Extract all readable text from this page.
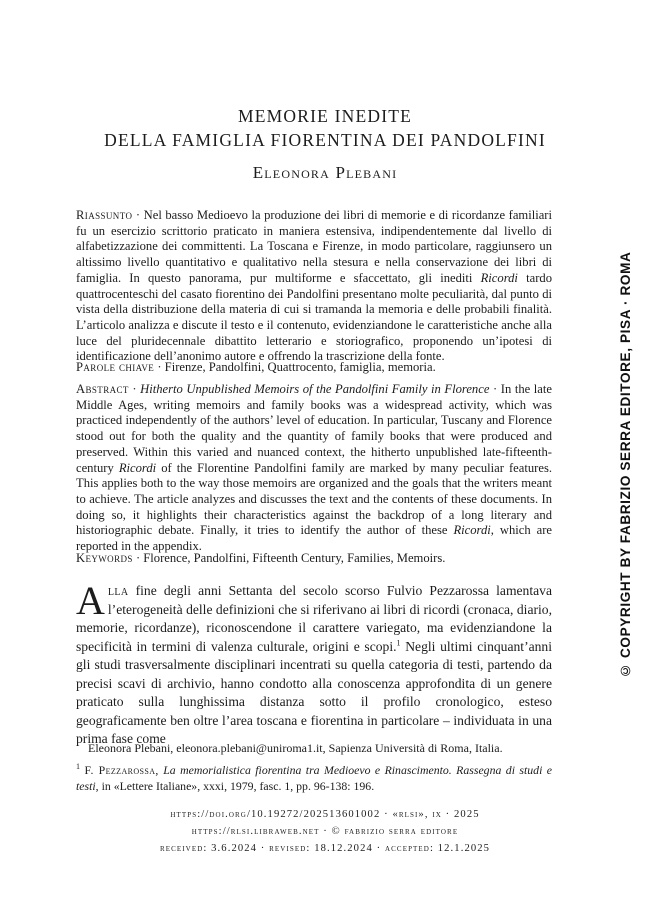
MEMORIE INEDITE
DELLA FAMIGLIA FIORENTINA DEI PANDOLFINI
Eleonora Plebani
Riassunto · Nel basso Medioevo la produzione dei libri di memorie e di ricordanze familiari fu un esercizio scrittorio praticato in maniera estensiva, indipendentemente dal livello di alfabetizzazione dei committenti. La Toscana e Firenze, in modo particolare, raggiunsero un altissimo livello quantitativo e qualitativo nella stesura e nella conservazione dei libri di famiglia. In questo panorama, pur multiforme e sfaccettato, gli inediti Ricordi tardo quattrocenteschi del casato fiorentino dei Pandolfini presentano molte peculiarità, dal punto di vista della distribuzione della materia di cui si tramanda la memoria e delle probabili finalità. L’articolo analizza e discute il testo e il contenuto, evidenziandone le caratteristiche anche alla luce del pluridecennale dibattito letterario e storiografico, proponendo un’ipotesi di identificazione dell’anonimo autore e offrendo la trascrizione della fonte.
Parole chiave · Firenze, Pandolfini, Quattrocento, famiglia, memoria.
Abstract · Hitherto Unpublished Memoirs of the Pandolfini Family in Florence · In the late Middle Ages, writing memoirs and family books was a widespread activity, which was practiced independently of the authors’ level of education. In particular, Tuscany and Florence stood out for both the quality and the quantity of family books that were produced and preserved. Within this varied and nuanced context, the hitherto unpublished late-fifteenth-century Ricordi of the Florentine Pandolfini family are marked by many peculiar features. This applies both to the way those memoirs are organized and the goals that the writers meant to achieve. The article analyzes and discusses the text and the contents of these documents. In doing so, it highlights their characteristics against the backdrop of a long literary and historiographic debate. Finally, it tries to identify the author of these Ricordi, which are reported in the appendix.
Keywords · Florence, Pandolfini, Fifteenth Century, Families, Memoirs.
Alla fine degli anni Settanta del secolo scorso Fulvio Pezzarossa lamentava l’eterogeneità delle definizioni che si riferivano ai libri di ricordi (cronaca, diario, memorie, ricordanze), riconoscendone il carattere variegato, ma evidenziandone la specificità in termini di valenza culturale, origini e scopi.$^1$ Negli ultimi cinquant’anni gli studi trasversalmente disciplinari incentrati su quella categoria di testi, partendo da precisi scavi di archivio, hanno condotto alla conoscenza approfondita di un genere praticato sulla lunghissima distanza sotto il profilo cronologico, esteso geograficamente ben oltre l’area toscana e fiorentina in particolare – individuata in una prima fase come
Eleonora Plebani, eleonora.plebani@uniroma1.it, Sapienza Università di Roma, Italia.
$^1$ F. Pezzarossa, La memorialistica fiorentina tra Medioevo e Rinascimento. Rassegna di studi e testi, in «Lettere Italiane», xxxi, 1979, fasc. 1, pp. 96-138: 196.
https://doi.org/10.19272/202513601002 · «rlsi», ix · 2025
https://rlsi.libraweb.net · © fabrizio serra editore
received: 3.6.2024 · revised: 18.12.2024 · accepted: 12.1.2025
© COPYRIGHT BY FABRIZIO SERRA EDITORE, PISA · ROMA
